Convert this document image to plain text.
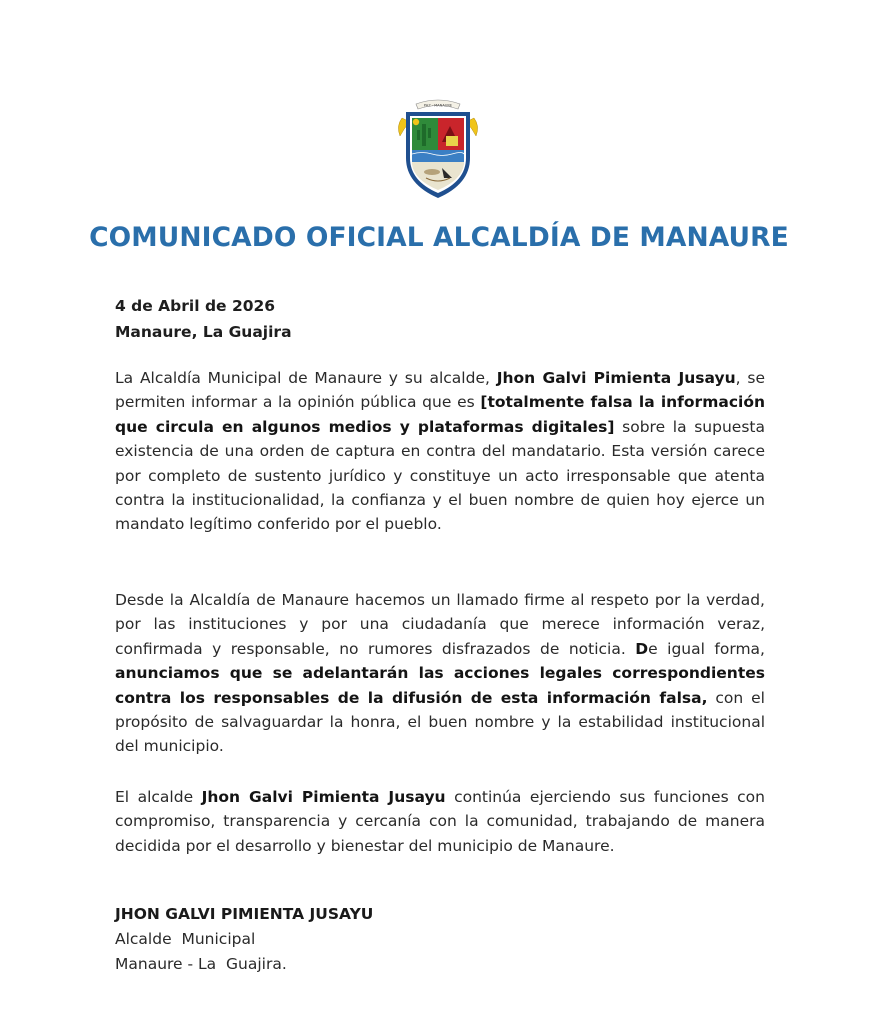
PAZ · MANAURE
COMUNICADO OFICIAL ALCALDÍA DE MANAURE
4 de Abril de 2026
Manaure, La Guajira

La Alcaldía Municipal de Manaure y su alcalde, Jhon Galvi Pimienta Jusayu, se permiten informar a la opinión pública que es [totalmente falsa la información que circula en algunos medios y plataformas digitales] sobre la supuesta existencia de una orden de captura en contra del mandatario. Esta versión carece por completo de sustento jurídico y constituye un acto irresponsable que atenta contra la institucionalidad, la confianza y el buen nombre de quien hoy ejerce un mandato legítimo conferido por el pueblo.

Desde la Alcaldía de Manaure hacemos un llamado firme al respeto por la verdad, por las instituciones y por una ciudadanía que merece información veraz, confirmada y responsable, no rumores disfrazados de noticia. De igual forma, anunciamos que se adelantarán las acciones legales correspondientes contra los responsables de la difusión de esta información falsa, con el propósito de salvaguardar la honra, el buen nombre y la estabilidad institucional del municipio.

El alcalde Jhon Galvi Pimienta Jusayu continúa ejerciendo sus funciones con compromiso, transparencia y cercanía con la comunidad, trabajando de manera decidida por el desarrollo y bienestar del municipio de Manaure.

JHON GALVI PIMIENTA JUSAYU
Alcalde  Municipal
Manaure - La  Guajira.
